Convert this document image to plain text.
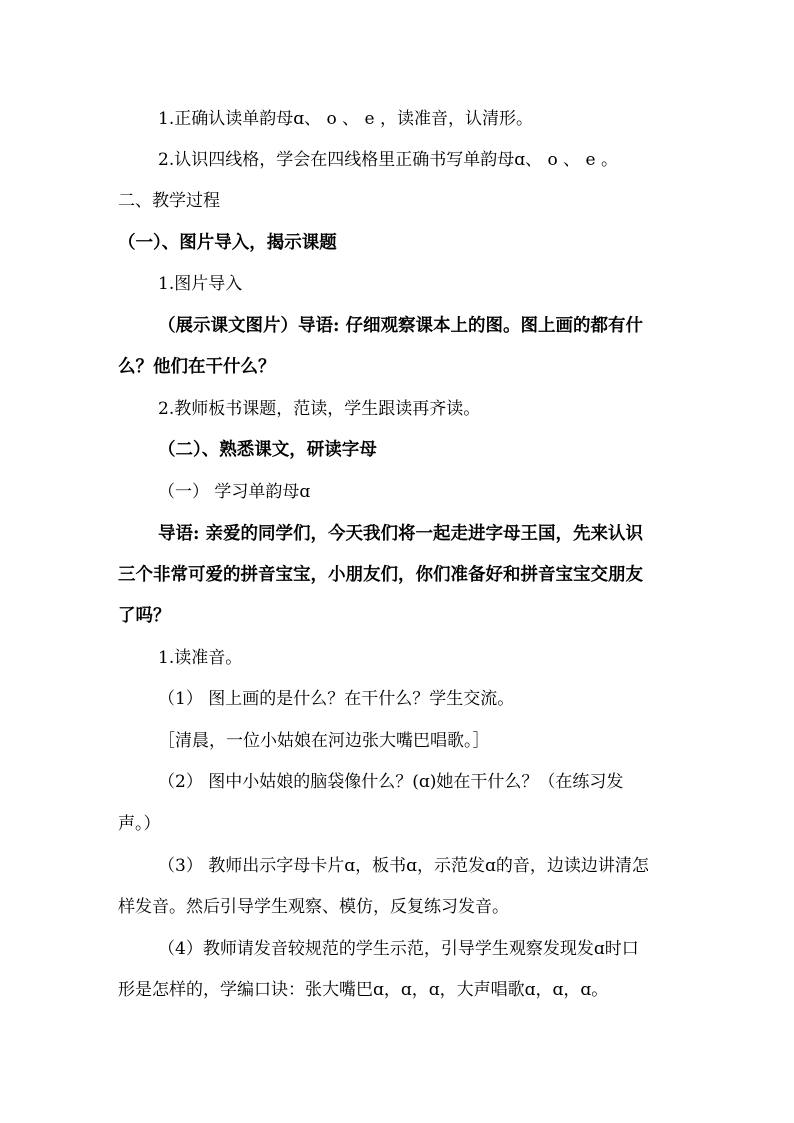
1.正确认读单韵母ɑ、 o 、 e ，读准音，认清形。
2.认识四线格，学会在四线格里正确书写单韵母ɑ、 o 、 e 。
二、教学过程
（一）、图片导入，揭示课题
1.图片导入
（展示课文图片）导语: 仔细观察课本上的图。图上画的都有什
么？他们在干什么？
2.教师板书课题，范读，学生跟读再齐读。
（二）、熟悉课文，研读字母
（一） 学习单韵母ɑ
导语: 亲爱的同学们，今天我们将一起走进字母王国，先来认识
三个非常可爱的拼音宝宝，小朋友们，你们准备好和拼音宝宝交朋友
了吗？
1.读准音。
（1） 图上画的是什么？在干什么？学生交流。
［清晨，一位小姑娘在河边张大嘴巴唱歌。］
（2） 图中小姑娘的脑袋像什么？(ɑ)她在干什么？（在练习发
声。）
（3） 教师出示字母卡片ɑ，板书ɑ，示范发ɑ的音，边读边讲清怎
样发音。然后引导学生观察、模仿，反复练习发音。
（4）教师请发音较规范的学生示范，引导学生观察发现发ɑ时口
形是怎样的，学编口诀：张大嘴巴ɑ，ɑ，ɑ，大声唱歌ɑ，ɑ，ɑ。
